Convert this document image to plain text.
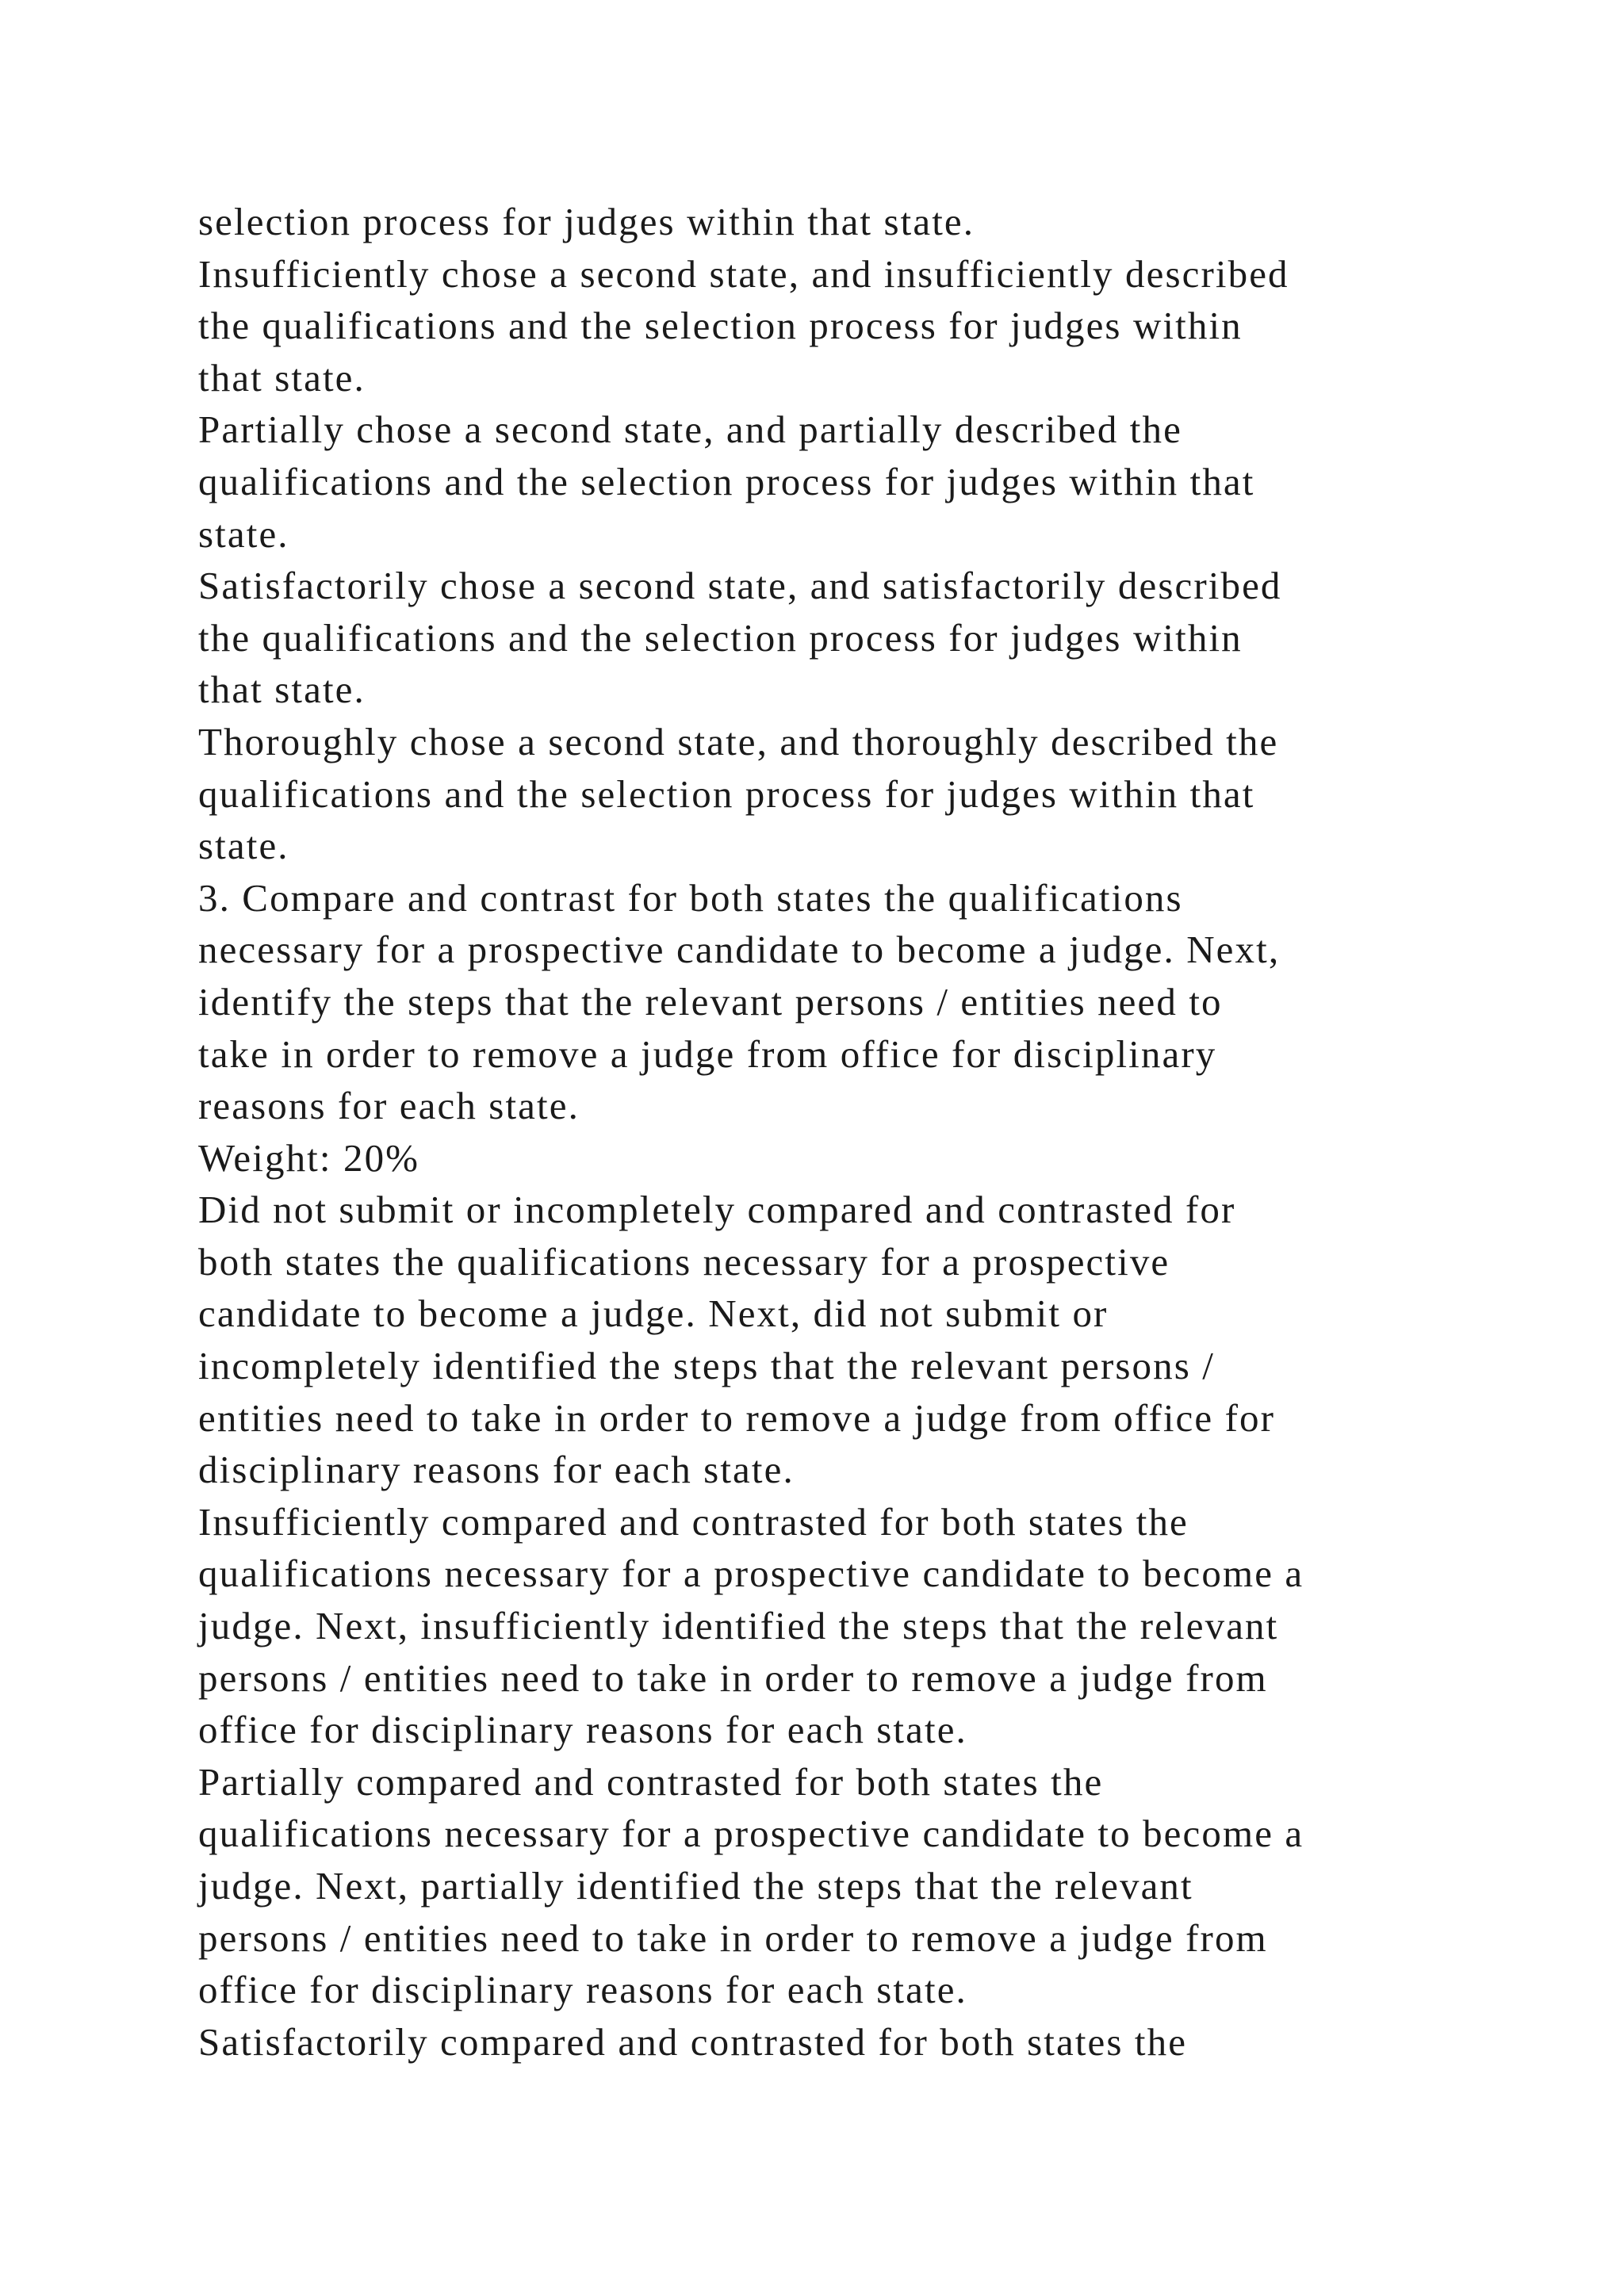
selection process for judges within that state.
Insufficiently chose a second state, and insufficiently described
the qualifications and the selection process for judges within
that state.
Partially chose a second state, and partially described the
qualifications and the selection process for judges within that
state.
Satisfactorily chose a second state, and satisfactorily described
the qualifications and the selection process for judges within
that state.
Thoroughly chose a second state, and thoroughly described the
qualifications and the selection process for judges within that
state.
3. Compare and contrast for both states the qualifications
necessary for a prospective candidate to become a judge. Next,
identify the steps that the relevant persons / entities need to
take in order to remove a judge from office for disciplinary
reasons for each state.
Weight: 20%
Did not submit or incompletely compared and contrasted for
both states the qualifications necessary for a prospective
candidate to become a judge. Next, did not submit or
incompletely identified the steps that the relevant persons /
entities need to take in order to remove a judge from office for
disciplinary reasons for each state.
Insufficiently compared and contrasted for both states the
qualifications necessary for a prospective candidate to become a
judge. Next, insufficiently identified the steps that the relevant
persons / entities need to take in order to remove a judge from
office for disciplinary reasons for each state.
Partially compared and contrasted for both states the
qualifications necessary for a prospective candidate to become a
judge. Next, partially identified the steps that the relevant
persons / entities need to take in order to remove a judge from
office for disciplinary reasons for each state.
Satisfactorily compared and contrasted for both states the
